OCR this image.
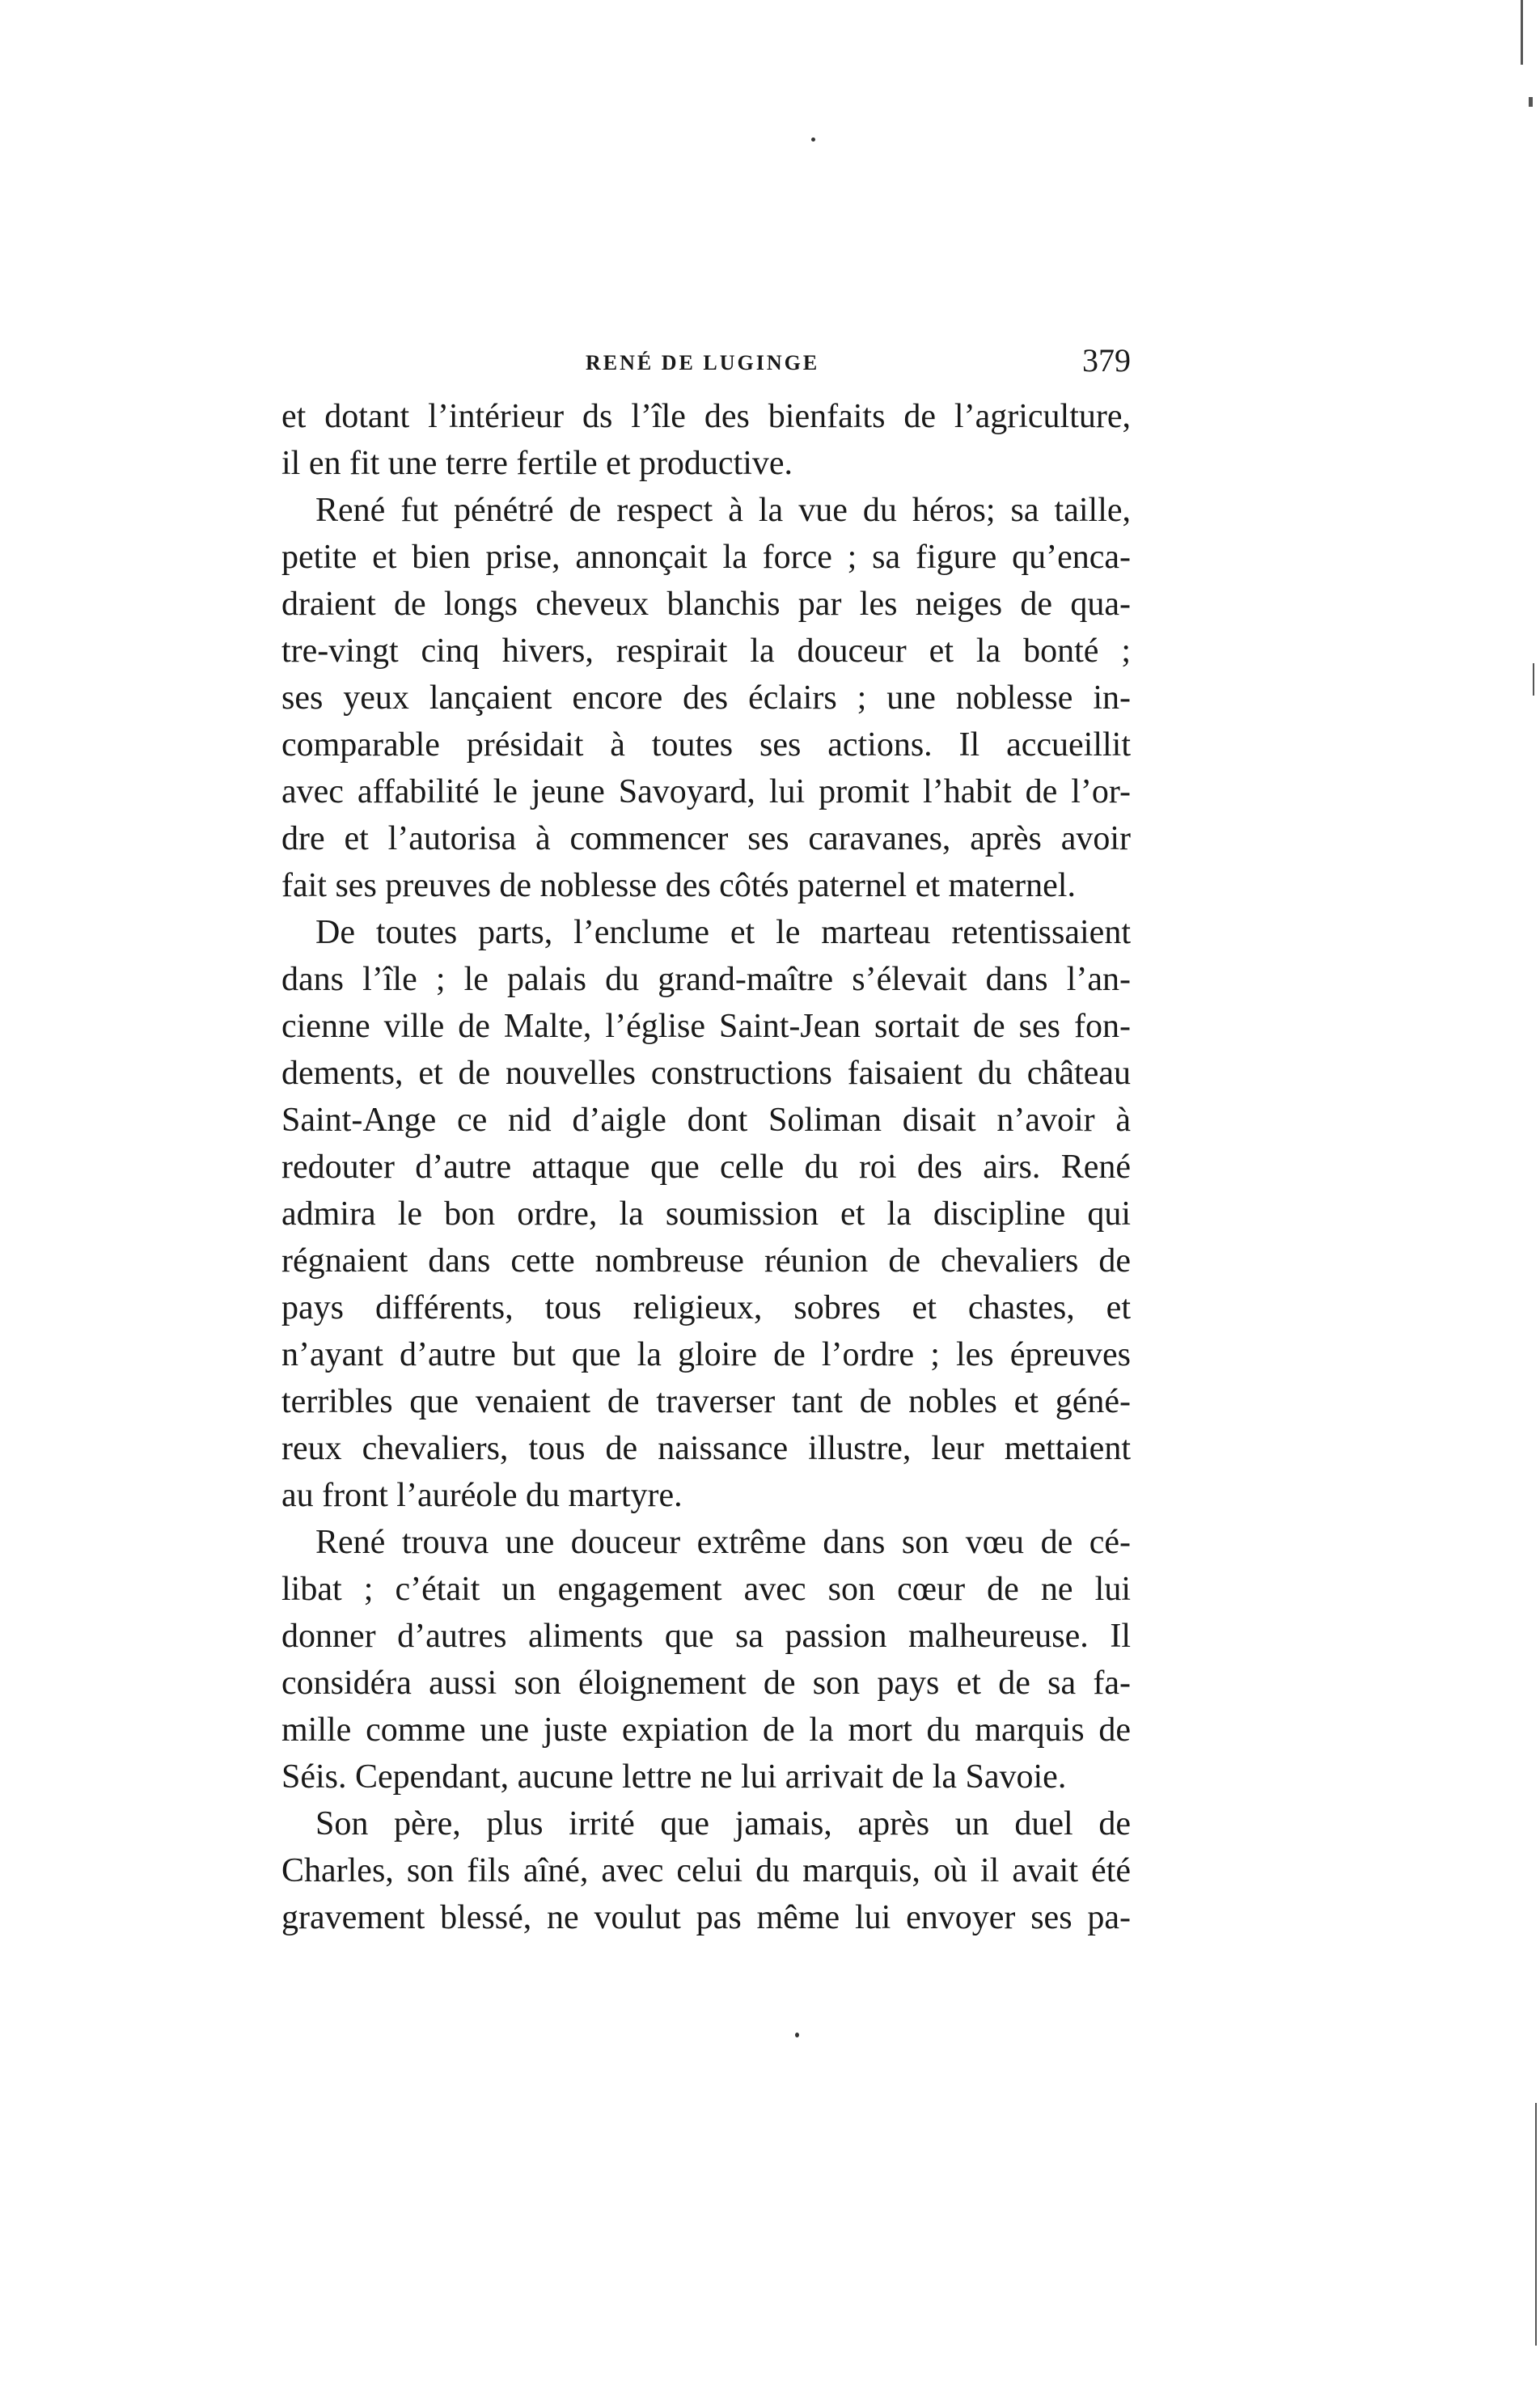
RENÉ DE LUGINGE	379
et dotant l’intérieur ds l’île des bienfaits de l’agriculture,
il en fit une terre fertile et productive.
René fut pénétré de respect à la vue du héros; sa taille,
petite et bien prise, annonçait la force ; sa figure qu’enca-
draient de longs cheveux blanchis par les neiges de qua-
tre-vingt cinq hivers, respirait la douceur et la bonté ;
ses yeux lançaient encore des éclairs ; une noblesse in-
comparable présidait à toutes ses actions. Il accueillit
avec affabilité le jeune Savoyard, lui promit l’habit de l’or-
dre et l’autorisa à commencer ses caravanes, après avoir
fait ses preuves de noblesse des côtés paternel et maternel.
De toutes parts, l’enclume et le marteau retentissaient
dans l’île ; le palais du grand-maître s’élevait dans l’an-
cienne ville de Malte, l’église Saint-Jean sortait de ses fon-
dements, et de nouvelles constructions faisaient du château
Saint-Ange ce nid d’aigle dont Soliman disait n’avoir à
redouter d’autre attaque que celle du roi des airs. René
admira le bon ordre, la soumission et la discipline qui
régnaient dans cette nombreuse réunion de chevaliers de
pays différents, tous religieux, sobres et chastes, et
n’ayant d’autre but que la gloire de l’ordre ; les épreuves
terribles que venaient de traverser tant de nobles et géné-
reux chevaliers, tous de naissance illustre, leur mettaient
au front l’auréole du martyre.
René trouva une douceur extrême dans son vœu de cé-
libat ; c’était un engagement avec son cœur de ne lui
donner d’autres aliments que sa passion malheureuse. Il
considéra aussi son éloignement de son pays et de sa fa-
mille comme une juste expiation de la mort du marquis de
Séis. Cependant, aucune lettre ne lui arrivait de la Savoie.
Son père, plus irrité que jamais, après un duel de
Charles, son fils aîné, avec celui du marquis, où il avait été
gravement blessé, ne voulut pas même lui envoyer ses pa-
